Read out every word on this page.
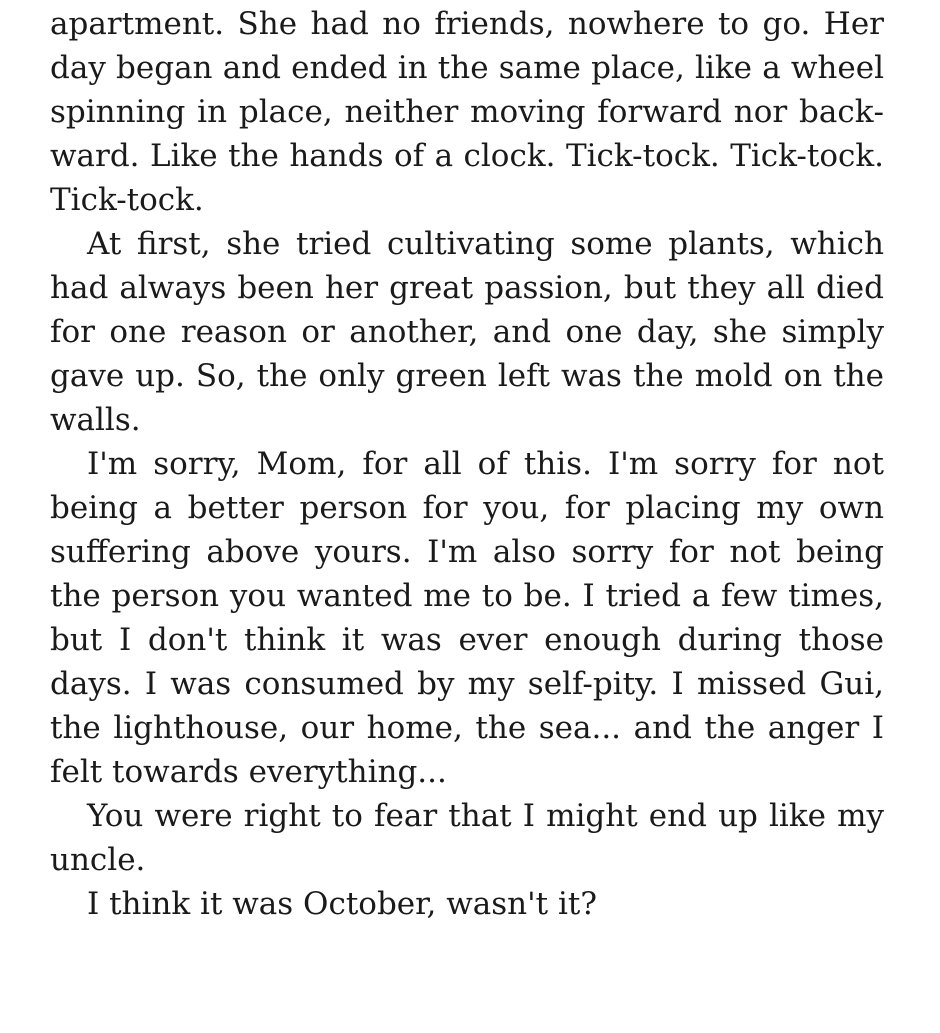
apartment. She had no friends, nowhere to go. Her day began and ended in the same place, like a wheel spinning in place, neither moving forward nor backward. Like the hands of a clock. Tick-tock. Tick-tock. Tick-tock.

At first, she tried cultivating some plants, which had always been her great passion, but they all died for one reason or another, and one day, she simply gave up. So, the only green left was the mold on the walls.

I'm sorry, Mom, for all of this. I'm sorry for not being a better person for you, for placing my own suffering above yours. I'm also sorry for not being the person you wanted me to be. I tried a few times, but I don't think it was ever enough during those days. I was consumed by my self-pity. I missed Gui, the lighthouse, our home, the sea... and the anger I felt towards everything...

You were right to fear that I might end up like my uncle.

I think it was October, wasn't it?
